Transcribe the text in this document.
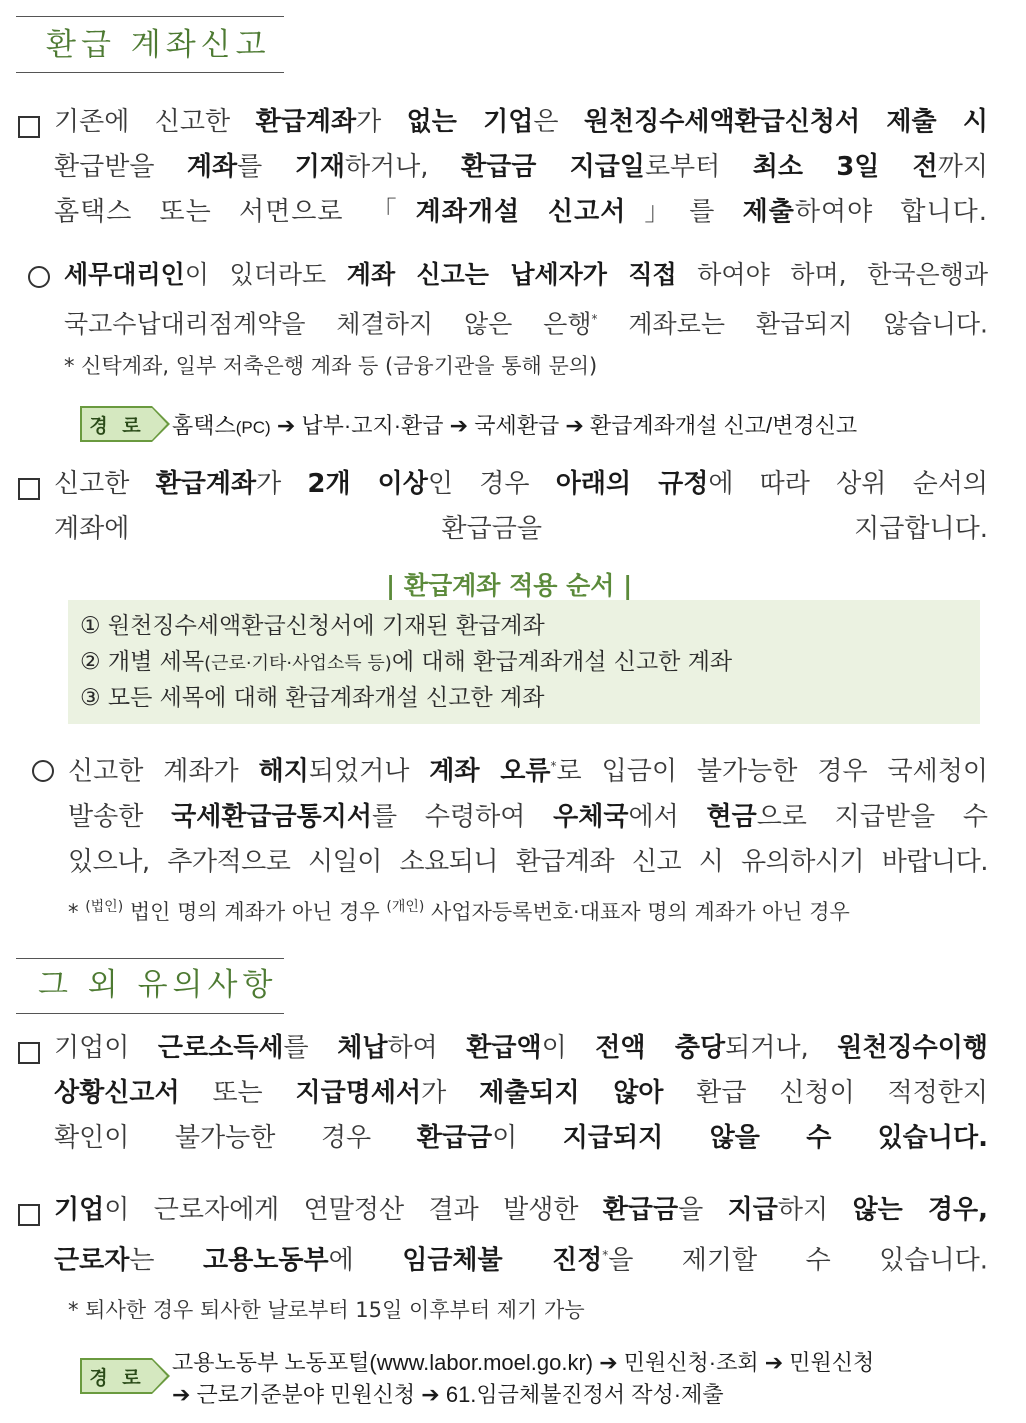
환급 계좌신고
기존에 신고한 환급계좌가 없는 기업은 원천징수세액환급신청서 제출 시
환급받을 계좌를 기재하거나, 환급금 지급일로부터 최소 3일 전까지
홈택스 또는 서면으로 「계좌개설 신고서」를 제출하여야 합니다.
세무대리인이 있더라도 계좌 신고는 납세자가 직접 하여야 하며, 한국은행과
국고수납대리점계약을 체결하지 않은 은행* 계좌로는 환급되지 않습니다.
* 신탁계좌, 일부 저축은행 계좌 등 (금융기관을 통해 문의)
경 로 홈택스(PC) ➔ 납부·고지·환급 ➔ 국세환급 ➔ 환급계좌개설 신고/변경신고
신고한 환급계좌가 2개 이상인 경우 아래의 규정에 따라 상위 순서의
계좌에 환급금을 지급합니다.
| 환급계좌 적용 순서 |
① 원천징수세액환급신청서에 기재된 환급계좌
② 개별 세목(근로·기타·사업소득 등)에 대해 환급계좌개설 신고한 계좌
③ 모든 세목에 대해 환급계좌개설 신고한 계좌
신고한 계좌가 해지되었거나 계좌 오류*로 입금이 불가능한 경우 국세청이
발송한 국세환급금통지서를 수령하여 우체국에서 현금으로 지급받을 수
있으나, 추가적으로 시일이 소요되니 환급계좌 신고 시 유의하시기 바랍니다.
* $^{(법인)}$ 법인 명의 계좌가 아닌 경우 $^{(개인)}$ 사업자등록번호·대표자 명의 계좌가 아닌 경우
그 외 유의사항
기업이 근로소득세를 체납하여 환급액이 전액 충당되거나, 원천징수이행
상황신고서 또는 지급명세서가 제출되지 않아 환급 신청이 적정한지
확인이 불가능한 경우 환급금이 지급되지 않을 수 있습니다.
기업이 근로자에게 연말정산 결과 발생한 환급금을 지급하지 않는 경우,
근로자는 고용노동부에 임금체불 진정*을 제기할 수 있습니다.
* 퇴사한 경우 퇴사한 날로부터 15일 이후부터 제기 가능
경 로
고용노동부 노동포털(www.labor.moel.go.kr) ➔ 민원신청·조회 ➔ 민원신청
➔ 근로기준분야 민원신청 ➔ 61.임금체불진정서 작성·제출
